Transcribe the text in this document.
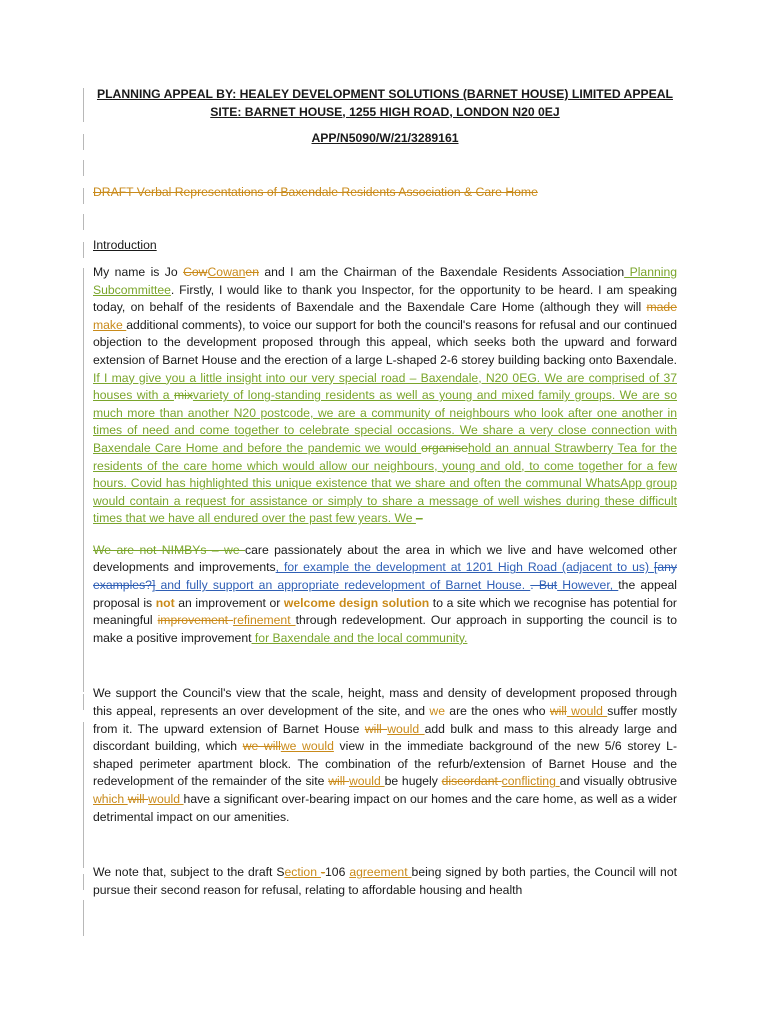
PLANNING APPEAL BY: HEALEY DEVELOPMENT SOLUTIONS (BARNET HOUSE) LIMITED APPEAL

SITE: BARNET HOUSE, 1255 HIGH ROAD, LONDON N20 0EJ

APP/N5090/W/21/3289161

DRAFT Verbal Representations of Baxendale Residents Association & Care Home

Introduction

My name is Jo CowCowanen and I am the Chairman of the Baxendale Residents Association Planning Subcommittee. Firstly, I would like to thank you Inspector, for the opportunity to be heard. I am speaking today, on behalf of the residents of Baxendale and the Baxendale Care Home (although they will made make additional comments), to voice our support for both the council's reasons for refusal and our continued objection to the development proposed through this appeal, which seeks both the upward and forward extension of Barnet House and the erection of a large L-shaped 2-6 storey building backing onto Baxendale. If I may give you a little insight into our very special road – Baxendale, N20 0EG. We are comprised of 37 houses with a mixvariety of long-standing residents as well as young and mixed family groups. We are so much more than another N20 postcode, we are a community of neighbours who look after one another in times of need and come together to celebrate special occasions. We share a very close connection with Baxendale Care Home and before the pandemic we would organisehold an annual Strawberry Tea for the residents of the care home which would allow our neighbours, young and old, to come together for a few hours. Covid has highlighted this unique existence that we share and often the communal WhatsApp group would contain a request for assistance or simply to share a message of well wishes during these difficult times that we have all endured over the past few years. We –

We are not NIMBYs – we care passionately about the area in which we live and have welcomed other developments and improvements, for example the development at 1201 High Road (adjacent to us) [any examples?] and fully support an appropriate redevelopment of Barnet House. . But However, the appeal proposal is not an improvement or welcome design solution to a site which we recognise has potential for meaningful improvement refinement through redevelopment. Our approach in supporting the council is to make a positive improvement for Baxendale and the local community.

We support the Council's view that the scale, height, mass and density of development proposed through this appeal, represents an over development of the site, and we are the ones who will would suffer mostly from it. The upward extension of Barnet House will would add bulk and mass to this already large and discordant building, which we willwe would view in the immediate background of the new 5/6 storey L-shaped perimeter apartment block. The combination of the refurb/extension of Barnet House and the redevelopment of the remainder of the site will would be hugely discordant conflicting and visually obtrusive which will would have a significant over-bearing impact on our homes and the care home, as well as a wider detrimental impact on our amenities.

We note that, subject to the draft Section -106 agreement being signed by both parties, the Council will not pursue their second reason for refusal, relating to affordable housing and health
